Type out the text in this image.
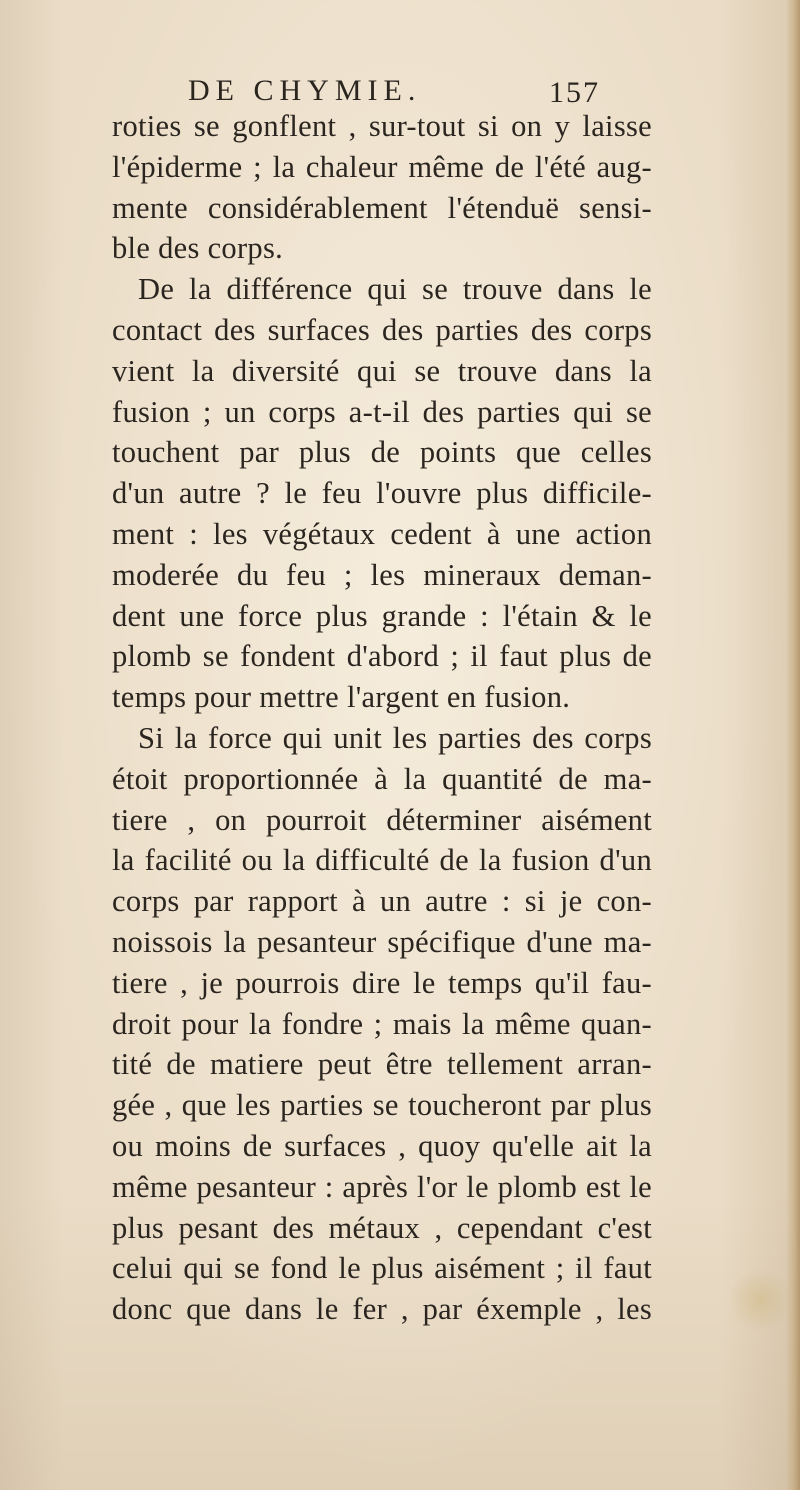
DE CHYMIE.	157
roties se gonflent , sur-tout si on y laisse
l'épiderme ; la chaleur même de l'été aug-
mente considérablement l'étenduë sensi-
ble des corps.
De la différence qui se trouve dans le
contact des surfaces des parties des corps
vient la diversité qui se trouve dans la
fusion ; un corps a-t-il des parties qui se
touchent par plus de points que celles
d'un autre ? le feu l'ouvre plus difficile-
ment : les végétaux cedent à une action
moderée du feu ; les mineraux deman-
dent une force plus grande : l'étain & le
plomb se fondent d'abord ; il faut plus de
temps pour mettre l'argent en fusion.
Si la force qui unit les parties des corps
étoit proportionnée à la quantité de ma-
tiere , on pourroit déterminer aisément
la facilité ou la difficulté de la fusion d'un
corps par rapport à un autre : si je con-
noissois la pesanteur spécifique d'une ma-
tiere , je pourrois dire le temps qu'il fau-
droit pour la fondre ; mais la même quan-
tité de matiere peut être tellement arran-
gée , que les parties se toucheront par plus
ou moins de surfaces , quoy qu'elle ait la
même pesanteur : après l'or le plomb est le
plus pesant des métaux , cependant c'est
celui qui se fond le plus aisément ; il faut
donc que dans le fer , par éxemple , les
